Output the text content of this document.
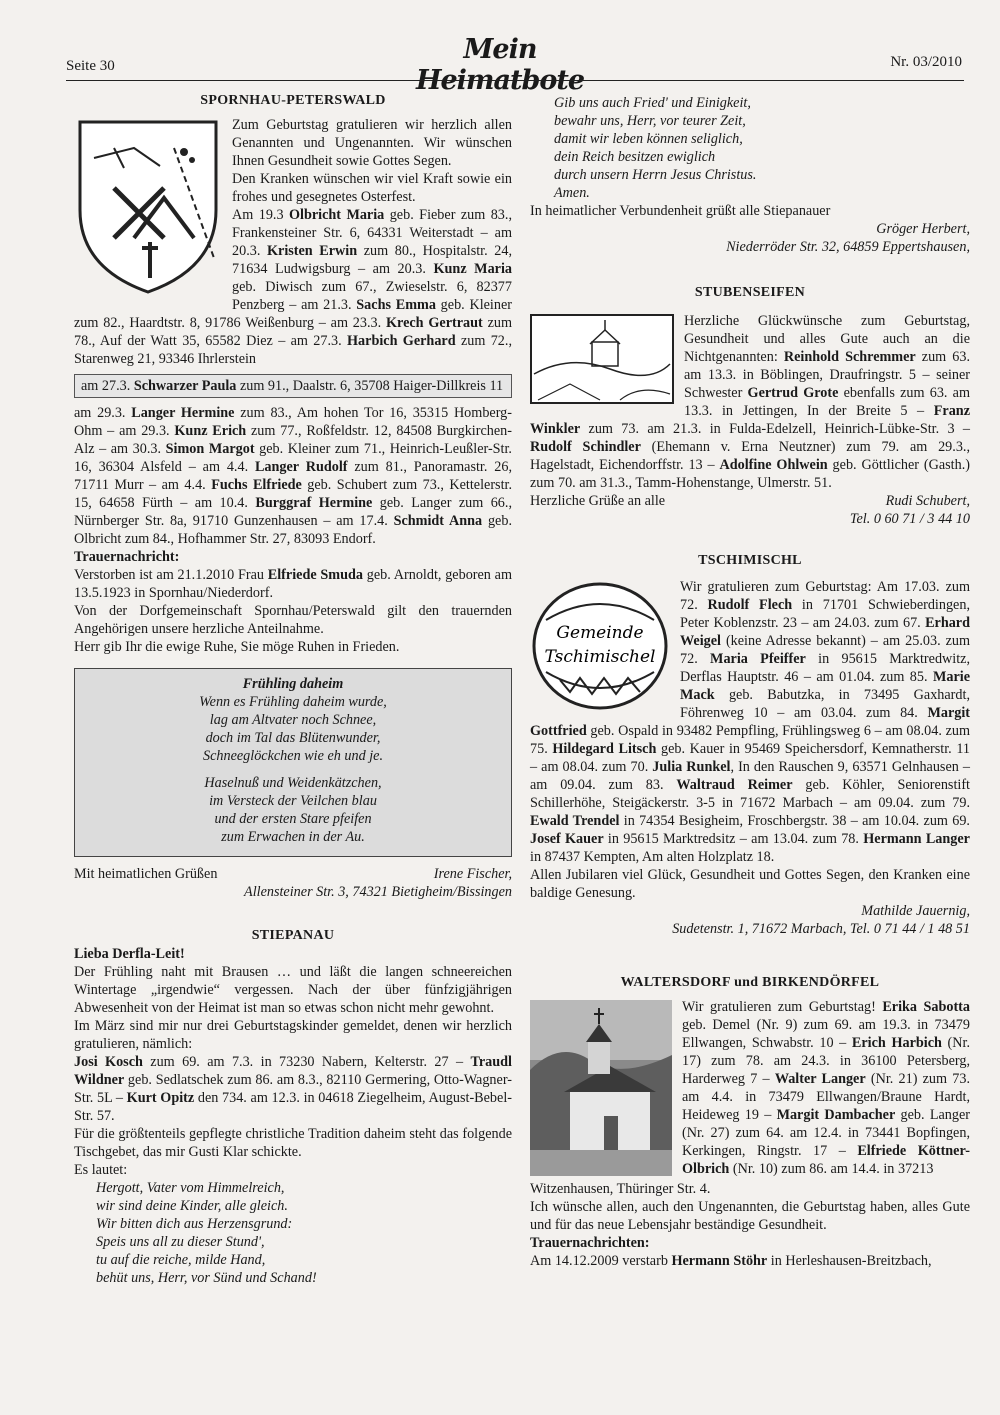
Seite 30
Mein Heimatbote
Nr. 03/2010
SPORNHAU-PETERSWALD

Zum Geburtstag gratulieren wir herzlich allen Genannten und Ungenannten. Wir wünschen Ihnen Gesundheit sowie Gottes Segen.

Den Kranken wünschen wir viel Kraft sowie ein frohes und gesegnetes Osterfest.

Am 19.3 Olbricht Maria geb. Fieber zum 83., Frankensteiner Str. 6, 64331 Weiterstadt – am 20.3. Kristen Erwin zum 80., Hospitalstr. 24, 71634 Ludwigsburg – am 20.3. Kunz Maria geb. Diwisch zum 67., Zwieselstr. 6, 82377 Penzberg – am 21.3. Sachs Emma geb. Kleiner zum 82., Haardtstr. 8, 91786 Weißenburg – am 23.3. Krech Gertraut zum 78., Auf der Watt 35, 65582 Diez – am 27.3. Harbich Gerhard zum 72., Starenweg 21, 93346 Ihrlerstein

am 27.3. Schwarzer Paula zum 91., Daalstr. 6, 35708 Haiger-Dillkreis 11

am 29.3. Langer Hermine zum 83., Am hohen Tor 16, 35315 Homberg-Ohm – am 29.3. Kunz Erich zum 77., Roßfeldstr. 12, 84508 Burgkirchen-Alz – am 30.3. Simon Margot geb. Kleiner zum 71., Heinrich-Leußler-Str. 16, 36304 Alsfeld – am 4.4. Langer Rudolf zum 81., Panoramastr. 26, 71711 Murr – am 4.4. Fuchs Elfriede geb. Schubert zum 73., Kettelerstr. 15, 64658 Fürth – am 10.4. Burggraf Hermine geb. Langer zum 66., Nürnberger Str. 8a, 91710 Gunzenhausen – am 17.4. Schmidt Anna geb. Olbricht zum 84., Hofhammer Str. 27, 83093 Endorf.

Trauernachricht:

Verstorben ist am 21.1.2010 Frau Elfriede Smuda geb. Arnoldt, geboren am 13.5.1923 in Spornhau/Niederdorf.

Von der Dorfgemeinschaft Spornhau/Peterswald gilt den trauernden Angehörigen unsere herzliche Anteilnahme.

Herr gib Ihr die ewige Ruhe, Sie möge Ruhen in Frieden.

Frühling daheim

Wenn es Frühling daheim wurde,

lag am Altvater noch Schnee,

doch im Tal das Blütenwunder,

Schneeglöckchen wie eh und je.

Haselnuß und Weidenkätzchen,

im Versteck der Veilchen blau

und der ersten Stare pfeifen

zum Erwachen in der Au.

Mit heimatlichen Grüßen	Irene Fischer,

Allensteiner Str. 3, 74321 Bietigheim/Bissingen

STIEPANAU

Lieba Derfla-Leit!

Der Frühling naht mit Brausen … und läßt die langen schneereichen Wintertage „irgendwie“ vergessen. Nach der über fünfzigjährigen Abwesenheit von der Heimat ist man so etwas schon nicht mehr gewohnt.

Im März sind mir nur drei Geburtstagskinder gemeldet, denen wir herzlich gratulieren, nämlich:

Josi Kosch zum 69. am 7.3. in 73230 Nabern, Kelterstr. 27 – Traudl Wildner geb. Sedlatschek zum 86. am 8.3., 82110 Germering, Otto-Wagner-Str. 5L – Kurt Opitz den 734. am 12.3. in 04618 Ziegelheim, August-Bebel-Str. 57.

Für die größtenteils gepflegte christliche Tradition daheim steht das folgende Tischgebet, das mir Gusti Klar schickte.

Es lautet:

Hergott, Vater vom Himmelreich,
wir sind deine Kinder, alle gleich.
Wir bitten dich aus Herzensgrund:
Speis uns all zu dieser Stund',
tu auf die reiche, milde Hand,
behüt uns, Herr, vor Sünd und Schand!
Gib uns auch Fried' und Einigkeit,
bewahr uns, Herr, vor teurer Zeit,
damit wir leben können seliglich,
dein Reich besitzen ewiglich
durch unsern Herrn Jesus Christus.
Amen.

In heimatlicher Verbundenheit grüßt alle Stiepanauer

Gröger Herbert,

Niederröder Str. 32, 64859 Eppertshausen,

STUBENSEIFEN

Herzliche Glückwünsche zum Geburtstag, Gesundheit und alles Gute auch an die Nichtgenannten: Reinhold Schremmer zum 63. am 13.3. in Böblingen, Draufringstr. 5 – seiner Schwester Gertrud Grote ebenfalls zum 63. am 13.3. in Jettingen, In der Breite 5 – Franz Winkler zum 73. am 21.3. in Fulda-Edelzell, Heinrich-Lübke-Str. 3 – Rudolf Schindler (Ehemann v. Erna Neutzner) zum 79. am 29.3., Hagelstadt, Eichendorffstr. 13 – Adolfine Ohlwein geb. Göttlicher (Gasth.) zum 70. am 31.3., Tamm-Hohenstange, Ulmerstr. 51.

Herzliche Grüße an alle	Rudi Schubert,

Tel. 0 60 71 / 3 44 10

TSCHIMISCHL
Gemeinde
Tschimischel

Wir gratulieren zum Geburtstag: Am 17.03. zum 72. Rudolf Flech in 71701 Schwieberdingen, Peter Koblenzstr. 23 – am 24.03. zum 67. Erhard Weigel (keine Adresse bekannt) – am 25.03. zum 72. Maria Pfeiffer in 95615 Marktredwitz, Derflas Hauptstr. 46 – am 01.04. zum 85. Marie Mack geb. Babutzka, in 73495 Gaxhardt, Föhrenweg 10 – am 03.04. zum 84. Margit Gottfried geb. Ospald in 93482 Pempfling, Frühlingsweg 6 – am 08.04. zum 75. Hildegard Litsch geb. Kauer in 95469 Speichersdorf, Kemnatherstr. 11 – am 08.04. zum 70. Julia Runkel, In den Rauschen 9, 63571 Gelnhausen – am 09.04. zum 83. Waltraud Reimer geb. Köhler, Seniorenstift Schillerhöhe, Steigäckerstr. 3-5 in 71672 Marbach – am 09.04. zum 79. Ewald Trendel in 74354 Besigheim, Froschbergstr. 38 – am 10.04. zum 69. Josef Kauer in 95615 Marktredsitz – am 13.04. zum 78. Hermann Langer in 87437 Kempten, Am alten Holzplatz 18.

Allen Jubilaren viel Glück, Gesundheit und Gottes Segen, den Kranken eine baldige Genesung.

Mathilde Jauernig,

Sudetenstr. 1, 71672 Marbach, Tel. 0 71 44 / 1 48 51

WALTERSDORF und BIRKENDÖRFEL

Wir gratulieren zum Geburtstag! Erika Sabotta geb. Demel (Nr. 9) zum 69. am 19.3. in 73479 Ellwangen, Schwabstr. 10 – Erich Harbich (Nr. 17) zum 78. am 24.3. in 36100 Petersberg, Harderweg 7 – Walter Langer (Nr. 21) zum 73. am 4.4. in 73479 Ellwangen/Braune Hardt, Heideweg 19 – Margit Dambacher geb. Langer (Nr. 27) zum 64. am 12.4. in 73441 Bopfingen, Kerkingen, Ringstr. 17 – Elfriede Köttner-Olbrich (Nr. 10) zum 86. am 14.4. in 37213

Witzenhausen, Thüringer Str. 4.

Ich wünsche allen, auch den Ungenannten, die Geburtstag haben, alles Gute und für das neue Lebensjahr beständige Gesundheit.

Trauernachrichten:

Am 14.12.2009 verstarb Hermann Stöhr in Herleshausen-Breitzbach,
